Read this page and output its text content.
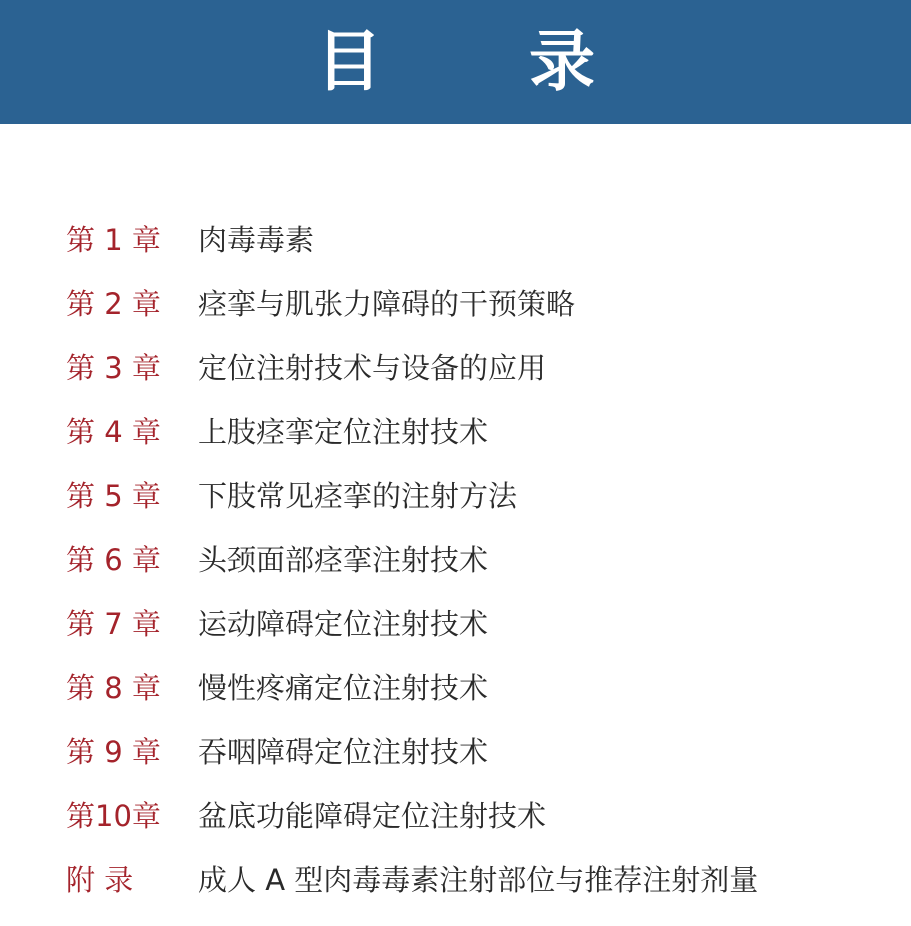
目 录
第 1 章	肉毒毒素
第 2 章	痉挛与肌张力障碍的干预策略
第 3 章	定位注射技术与设备的应用
第 4 章	上肢痉挛定位注射技术
第 5 章	下肢常见痉挛的注射方法
第 6 章	头颈面部痉挛注射技术
第 7 章	运动障碍定位注射技术
第 8 章	慢性疼痛定位注射技术
第 9 章	吞咽障碍定位注射技术
第10章	盆底功能障碍定位注射技术
附 录	成人 A 型肉毒毒素注射部位与推荐注射剂量
